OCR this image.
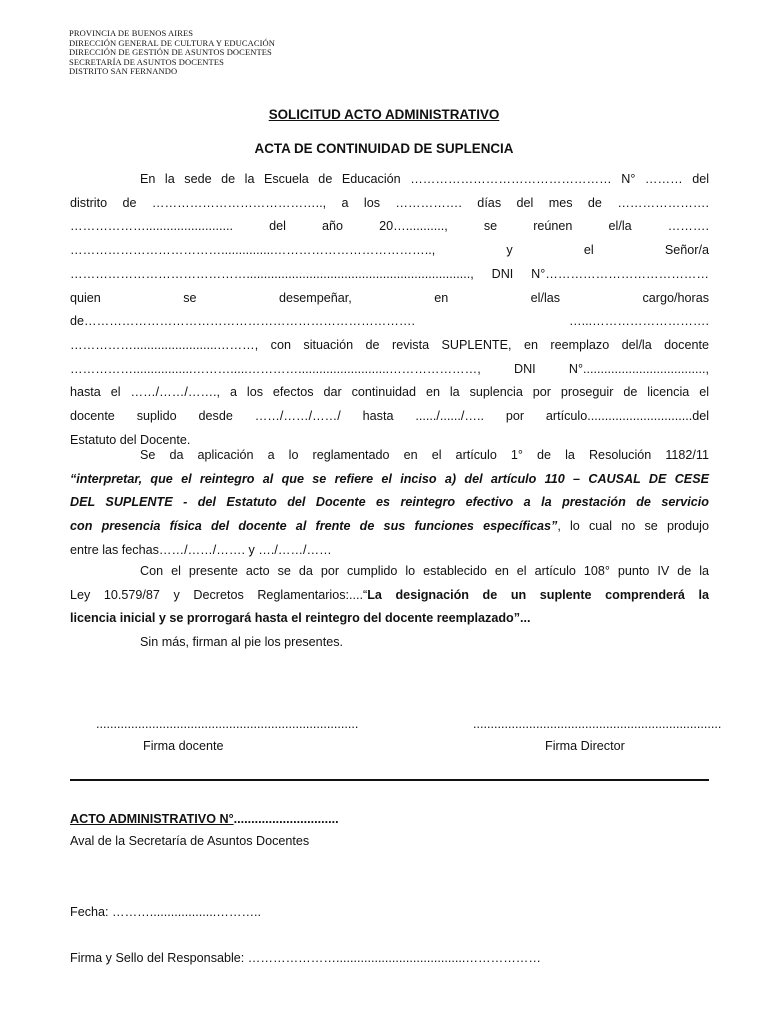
PROVINCIA DE BUENOS AIRES
DIRECCIÓN GENERAL DE CULTURA Y EDUCACIÓN
DIRECCIÓN DE GESTIÓN DE ASUNTOS DOCENTES
SECRETARÍA DE ASUNTOS DOCENTES
DISTRITO SAN FERNANDO
SOLICITUD ACTO ADMINISTRATIVO
ACTA DE CONTINUIDAD DE SUPLENCIA
En la sede de la Escuela de Educación ………………………………………… N° ……… del
distrito de ………………………………….., a los ……………. días del mes de ………………….
………………......................... del año 20…..........., se reúnen el/la ……….
………………………………...............……………………………….., y el Señor/a
……………………………………................................................................, DNI N°…………………………………
quien se desempeñar, en el/las cargo/horas
de……………………………………………………………………. …...……………………….
……………........................………, con situación de revista SUPLENTE, en reemplazo del/la docente
…………….................……….....…………..........................…………………, DNI N°...................................,
hasta el ……/……/……., a los efectos dar continuidad en la suplencia por proseguir de licencia el
docente suplido desde ……/……/……/ hasta ....../....../….. por artículo..............................del
Estatuto del Docente.
Se da aplicación a lo reglamentado en el artículo 1° de la Resolución 1182/11
“interpretar, que el reintegro al que se refiere el inciso a) del artículo 110 – CAUSAL DE CESE
DEL SUPLENTE - del Estatuto del Docente es reintegro efectivo a la prestación de servicio
con presencia física del docente al frente de sus funciones específicas”, lo cual no se produjo
entre las fechas……/……/……. y …./……/……
Con el presente acto se da por cumplido lo establecido en el artículo 108° punto IV de la
Ley 10.579/87 y Decretos Reglamentarios:....“La designación de un suplente comprenderá la
licencia inicial y se prorrogará hasta el reintegro del docente reemplazado”...
Sin más, firman al pie los presentes.
...........................................................................
Firma docente
.......................................................................
Firma Director
ACTO ADMINISTRATIVO N°..............................
Aval de la Secretaría de Asuntos Docentes
Fecha: ………...................………..
Firma y Sello del Responsable: ………………….....................................………………
